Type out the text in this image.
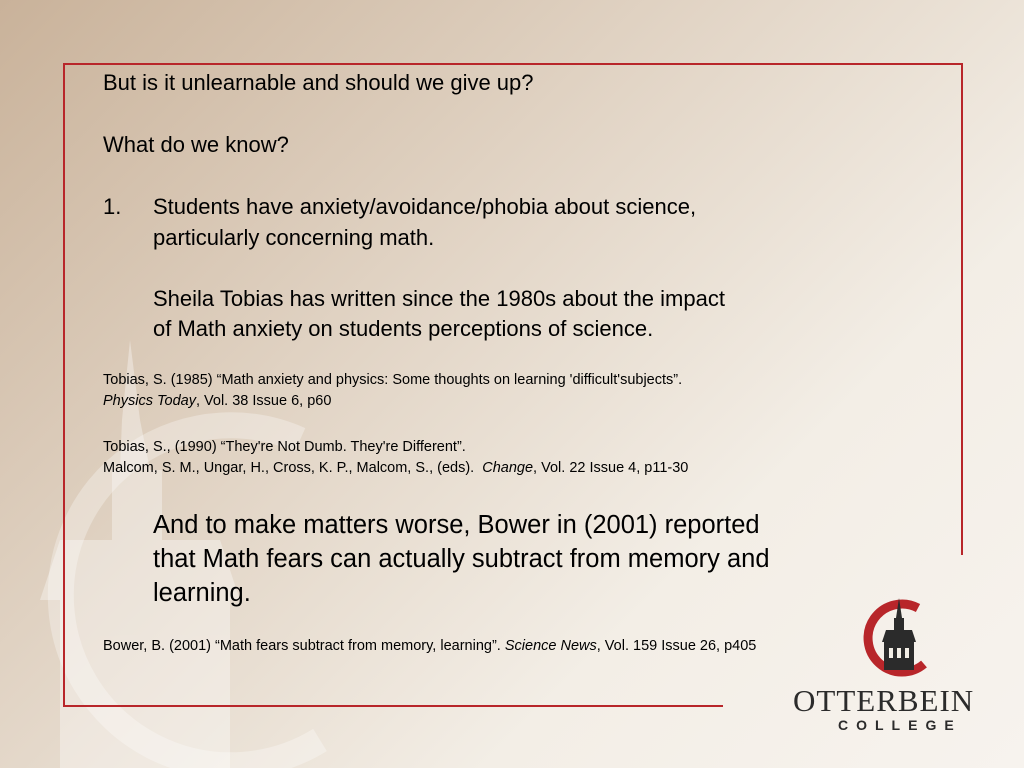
But is it unlearnable and should we give up?

What do we know?

1. Students have anxiety/avoidance/phobia about science,

particularly concerning math.

Sheila Tobias has written since the 1980s about the impact

of Math anxiety on students perceptions of science.

Tobias, S. (1985) “Math anxiety and physics: Some thoughts on learning 'difficult'subjects”.
Physics Today, Vol. 38 Issue 6, p60
Tobias, S., (1990) “They're Not Dumb. They're Different”.
Malcom, S. M., Ungar, H., Cross, K. P., Malcom, S., (eds).  Change, Vol. 22 Issue 4, p11-30
And to make matters worse, Bower in (2001) reported
that Math fears can actually subtract from memory and
learning.
Bower, B. (2001) “Math fears subtract from memory, learning”. Science News, Vol. 159 Issue 26, p405
OTTERBEIN
COLLEGE
